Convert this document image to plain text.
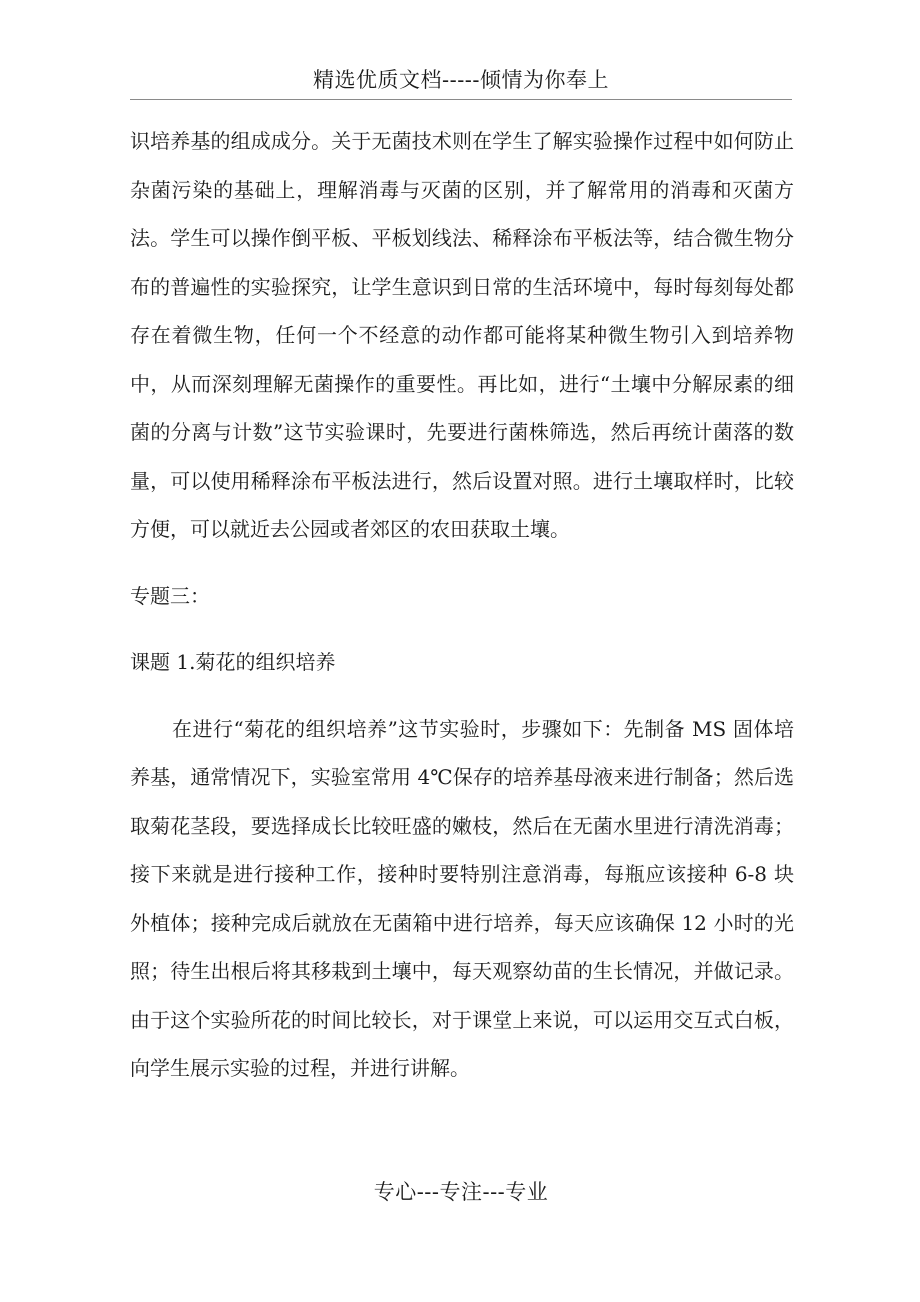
精选优质文档-----倾情为你奉上

识培养基的组成成分。关于无菌技术则在学生了解实验操作过程中如何防止杂菌污染的基础上，理解消毒与灭菌的区别，并了解常用的消毒和灭菌方法。学生可以操作倒平板、平板划线法、稀释涂布平板法等，结合微生物分布的普遍性的实验探究，让学生意识到日常的生活环境中，每时每刻每处都存在着微生物，任何一个不经意的动作都可能将某种微生物引入到培养物中，从而深刻理解无菌操作的重要性。再比如，进行“土壤中分解尿素的细菌的分离与计数”这节实验课时，先要进行菌株筛选，然后再统计菌落的数量，可以使用稀释涂布平板法进行，然后设置对照。进行土壤取样时，比较方便，可以就近去公园或者郊区的农田获取土壤。

专题三：

课题 1.菊花的组织培养

在进行“菊花的组织培养”这节实验时，步骤如下：先制备 MS 固体培养基，通常情况下，实验室常用 4℃保存的培养基母液来进行制备；然后选取菊花茎段，要选择成长比较旺盛的嫩枝，然后在无菌水里进行清洗消毒；接下来就是进行接种工作，接种时要特别注意消毒，每瓶应该接种 6-8 块外植体；接种完成后就放在无菌箱中进行培养，每天应该确保 12 小时的光照；待生出根后将其移栽到土壤中，每天观察幼苗的生长情况，并做记录。由于这个实验所花的时间比较长，对于课堂上来说，可以运用交互式白板，向学生展示实验的过程，并进行讲解。

专心---专注---专业
